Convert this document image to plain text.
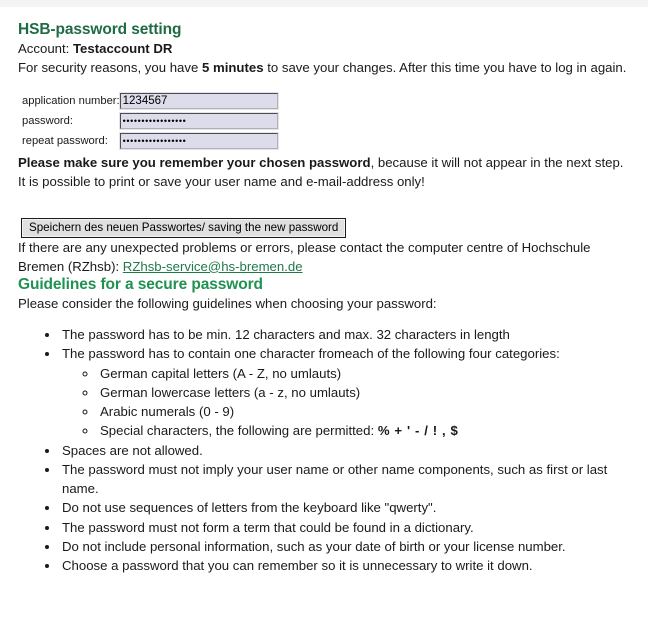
HSB-password setting

Account: Testaccount DR

For security reasons, you have 5 minutes to save your changes. After this time you have to log in again.

application number:	1234567
password:	•••••••••••••••••
repeat password:	•••••••••••••••••

Please make sure you remember your chosen password, because it will not appear in the next step. It is possible to print or save your user name and e-mail-address only!

Speichern des neuen Passwortes/ saving the new password

If there are any unexpected problems or errors, please contact the computer centre of Hochschule Bremen (RZhsb): RZhsb-service@hs-bremen.de

Guidelines for a secure password

Please consider the following guidelines when choosing your password:

• The password has to be min. 12 characters and max. 32 characters in length
• The password has to contain one character fromeach of the following four categories:
◦ German capital letters (A - Z, no umlauts)
◦ German lowercase letters (a - z, no umlauts)
◦ Arabic numerals (0 - 9)
◦ Special characters, the following are permitted: % + ' - / ! , $
• Spaces are not allowed.
• The password must not imply your user name or other name components, such as first or last name.
• Do not use sequences of letters from the keyboard like "qwerty".
• The password must not form a term that could be found in a dictionary.
• Do not include personal information, such as your date of birth or your license number.
• Choose a password that you can remember so it is unnecessary to write it down.
